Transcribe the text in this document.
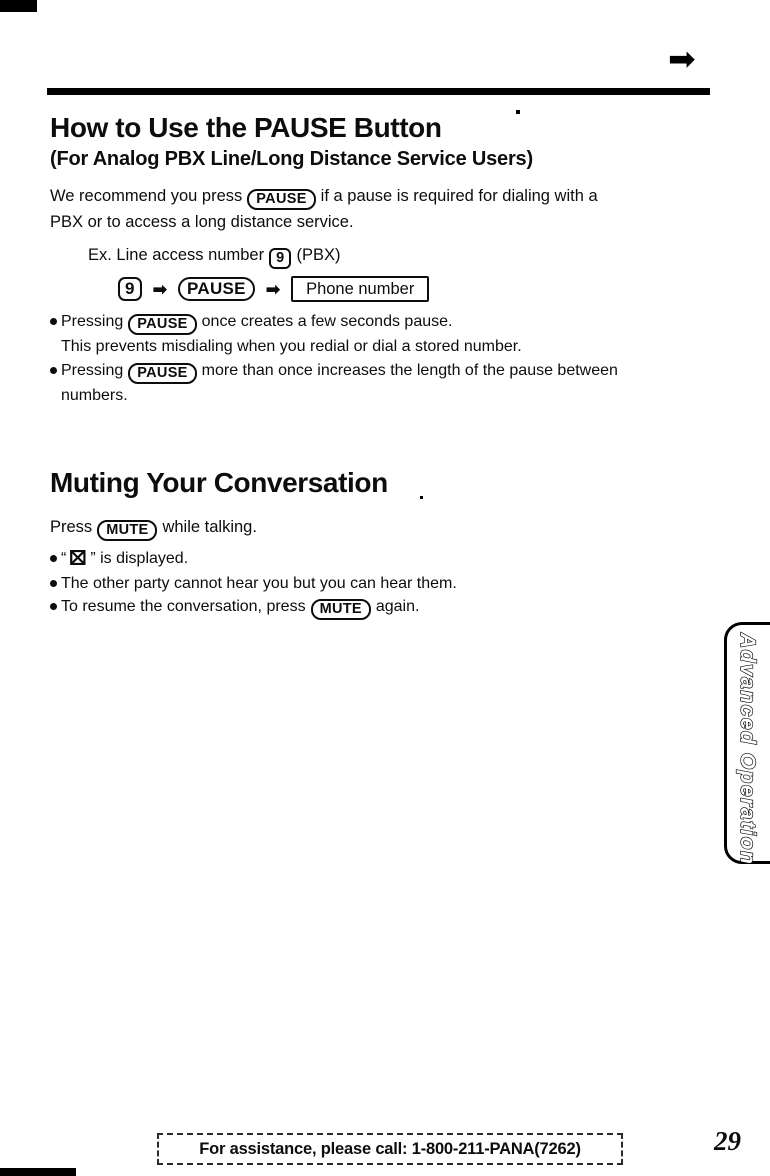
➡
How to Use the PAUSE Button
(For Analog PBX Line/Long Distance Service Users)
We recommend you press PAUSE if a pause is required for dialing with a
PBX or to access a long distance service.
Ex. Line access number 9 (PBX)
9	➡	PAUSE	➡	Phone number
Pressing PAUSE once creates a few seconds pause.
This prevents misdialing when you redial or dial a stored number.
Pressing PAUSE more than once increases the length of the pause between
numbers.
Muting Your Conversation
Press MUTE while talking.
“ ” is displayed.
The other party cannot hear you but you can hear them.
To resume the conversation, press MUTE again.
Advanced Operation
For assistance, please call: 1-800-211-PANA(7262)	29
